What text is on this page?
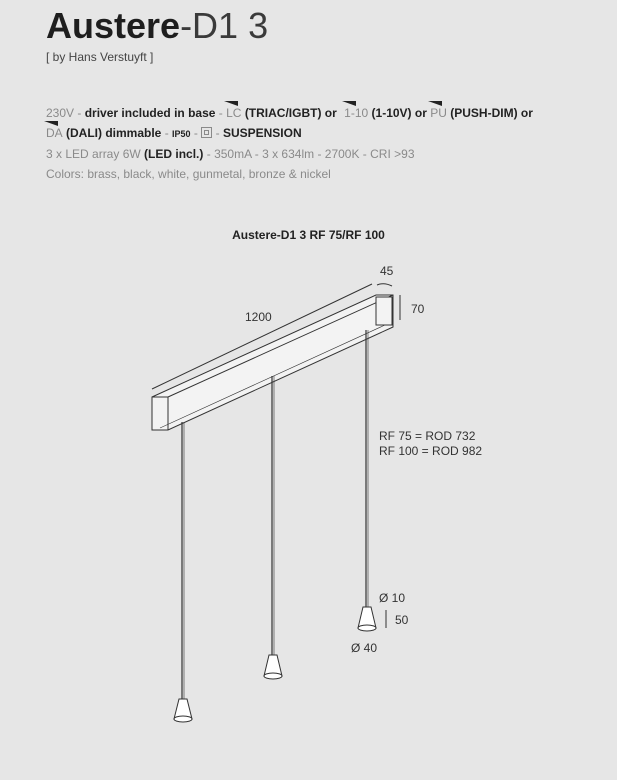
Austere-D1 3
[ by Hans Verstuyft ]
230V - driver included in base - LC (TRIAC/IGBT) or 1-10 (1-10V) or PU (PUSH-DIM) or
DA (DALI) dimmable - IP50 - - SUSPENSION
3 x LED array 6W (LED incl.) - 350mA - 3 x 634lm - 2700K - CRI >93
Colors: brass, black, white, gunmetal, bronze & nickel
Austere-D1 3 RF 75/RF 100
45
70
1200
RF 75 = ROD 732
RF 100 = ROD 982
Ø 10
50
Ø 40
